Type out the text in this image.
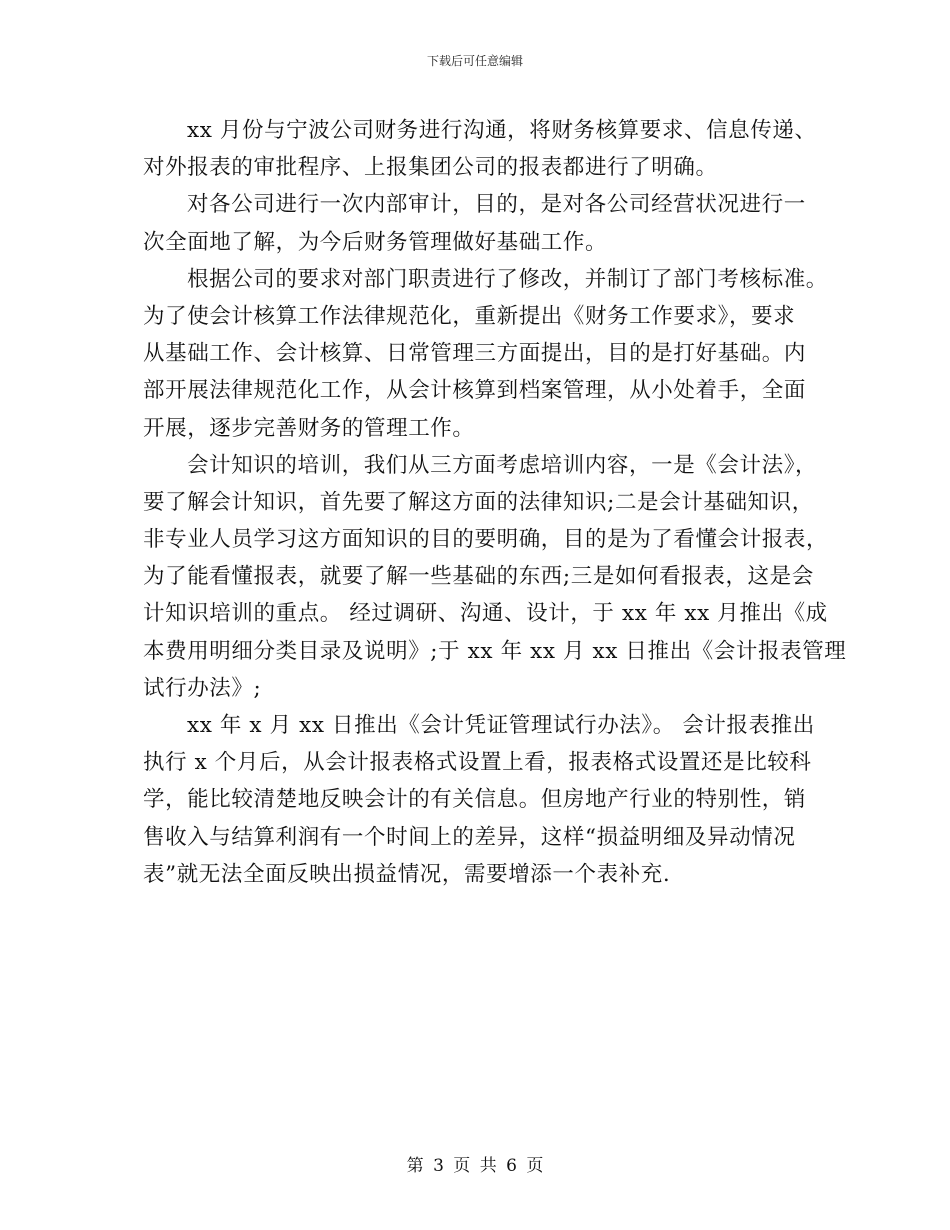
下载后可任意编辑
xx 月份与宁波公司财务进行沟通，将财务核算要求、信息传递、
对外报表的审批程序、上报集团公司的报表都进行了明确。
对各公司进行一次内部审计，目的，是对各公司经营状况进行一
次全面地了解，为今后财务管理做好基础工作。
根据公司的要求对部门职责进行了修改，并制订了部门考核标准。
为了使会计核算工作法律规范化，重新提出《财务工作要求》，要求
从基础工作、会计核算、日常管理三方面提出，目的是打好基础。内
部开展法律规范化工作，从会计核算到档案管理，从小处着手，全面
开展，逐步完善财务的管理工作。
会计知识的培训，我们从三方面考虑培训内容，一是《会计法》，
要了解会计知识，首先要了解这方面的法律知识;二是会计基础知识，
非专业人员学习这方面知识的目的要明确，目的是为了看懂会计报表，
为了能看懂报表，就要了解一些基础的东西;三是如何看报表，这是会
计知识培训的重点。 经过调研、沟通、设计，于 xx 年 xx 月推出《成
本费用明细分类目录及说明》;于 xx 年 xx 月 xx 日推出《会计报表管理
试行办法》;
xx 年 x 月 xx 日推出《会计凭证管理试行办法》。 会计报表推出
执行 x 个月后，从会计报表格式设置上看，报表格式设置还是比较科
学，能比较清楚地反映会计的有关信息。但房地产行业的特别性，销
售收入与结算利润有一个时间上的差异，这样“损益明细及异动情况
表”就无法全面反映出损益情况，需要增添一个表补充.
第 3 页 共 6 页
